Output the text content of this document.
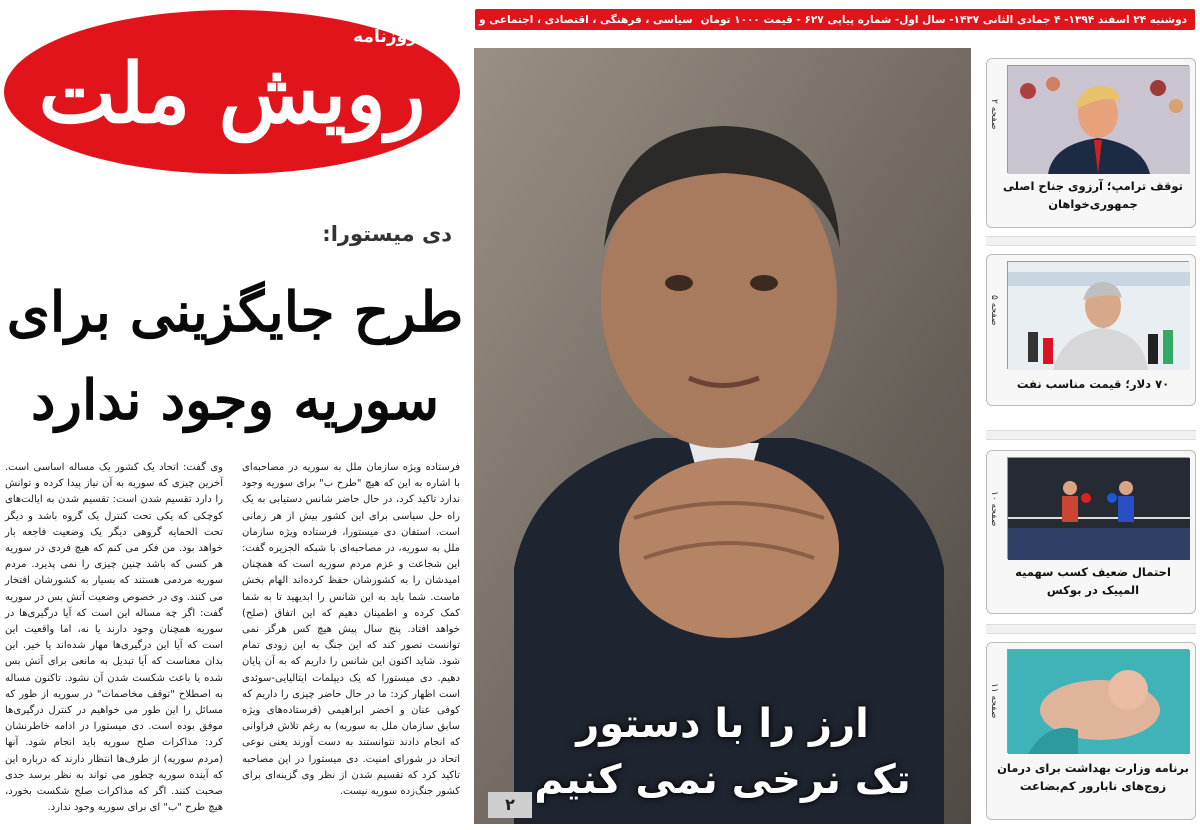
رویش ملت
روزنامه
دوشنبه ۲۴ اسفند ۱۳۹۴- ۴ جمادی الثانی ۱۴۳۷- سال اول- شماره پیاپی ۶۲۷ - قیمت ۱۰۰۰ تومان
سیاسی ، فرهنگی ، اقتصادی ، اجتماعی و ورزشی
دی میستورا:
طرح جایگزینی برای
سوریه وجود ندارد
فرستاده ویژه سازمان ملل به سوریه در مصاحبه‌ای با اشاره به این که هیچ "طرح ب" برای سوریه وجود ندارد تاکید کرد، در حال حاضر شانس دستیابی به یک راه حل سیاسی برای این کشور بیش از هر زمانی است. استفان دی میستورا، فرستاده ویژه سازمان ملل به سوریه، در مصاحبه‌ای با شبکه الجزیره گفت: این شجاعت و عزم مردم سوریه است که همچنان امیدشان را به کشورشان حفظ کرده‌اند الهام بخش ماست. شما باید به این شانس را ابدیهید تا به شما کمک کرده و اطمینان دهیم که این اتفاق (صلح) خواهد افتاد. پنج سال پیش هیچ کس هرگز نمی توانست تصور کند که این جنگ به این زودی تمام شود. شاید اکنون این شانس را داریم که به آن پایان دهیم. دی میستورا که یک دیپلمات ایتالیایی-سوئدی است اظهار کرد: ما در حال حاضر چیزی را داریم که کوفی عنان و اخضر ابراهیمی (فرستاده‌های ویژه سابق سازمان ملل به سوریه) به رغم تلاش فراوانی که انجام دادند نتوانستند به دست آورند یعنی نوعی اتحاد در شورای امنیت. دی میستورا در این مصاحبه تاکید کرد که تقسیم شدن از نظر وی گزینه‌ای برای کشور جنگ‌زده سوریه نیست.
وی گفت: اتحاد یک کشور یک مساله اساسی است. آخرین چیزی که سوریه به آن نیاز پیدا کرده و توانش را دارد تقسیم شدن است: تقسیم شدن به ایالت‌های کوچکی که یکی تحت کنترل یک گروه باشد و دیگر تحت الحمایه گروهی دیگر یک وضعیت فاجعه بار خواهد بود. من فکر می کنم که هیچ فردی در سوریه هر کسی که باشد چنین چیزی را نمی پذیرد. مردم سوریه مردمی هستند که بسیار به کشورشان افتخار می کنند. وی در خصوص وضعیت آتش بس در سوریه گفت: اگر چه مساله این است که آیا درگیری‌ها در سوریه همچنان وجود دارند یا نه، اما واقعیت این است که آیا این درگیری‌ها مهار شده‌اند یا خیر. این بدان معناست که آیا تبدیل به مانعی برای آتش بس شده یا باعث شکست شدن آن نشود. تاکنون مساله به اصطلاح "توقف مخاصمات" در سوریه از طور که مسائل را این طور می خواهیم در کنترل درگیری‌ها موفق بوده است. دی میستورا در ادامه خاطرنشان کرد: مذاکرات صلح سوریه باید انجام شود. آنها (مردم سوریه) از طرف‌ها انتظار دارند که درباره این که آینده سوریه چطور می تواند به نظر برسد جدی صحبت کنند. اگر که مذاکرات صلح شکست بخورد، هیچ طرح "ب" ای برای سوریه وجود ندارد.
ارز را با دستور
تک نرخی نمی کنیم
۲
صفحه ۲
توقف ترامپ؛ آرزوی جناح اصلی جمهوری‌خواهان
صفحه ۵
۷۰ دلار؛ قیمت مناسب نفت
صفحه ۱۰
احتمال ضعیف کسب سهمیه المپیک در بوکس
صفحه ۱۱
برنامه وزارت بهداشت برای درمان زوج‌های نابارور کم‌بضاعت
